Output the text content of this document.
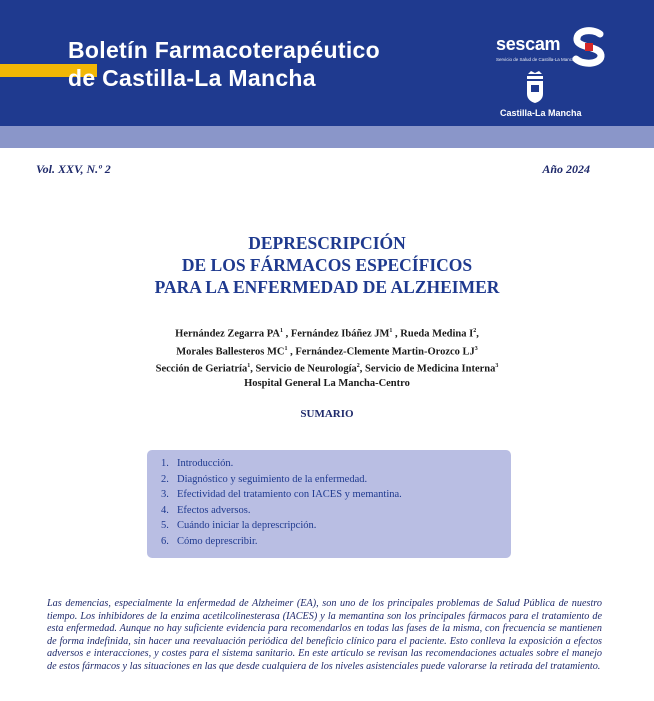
Boletín Farmacoterapéutico
de Castilla-La Mancha
sescam
Servicio de Salud de Castilla-La Mancha
Castilla-La Mancha
Vol. XXV, N.º 2	Año 2024
DEPRESCRIPCIÓN
DE LOS FÁRMACOS ESPECÍFICOS
PARA LA ENFERMEDAD DE ALZHEIMER
Hernández Zegarra $PA^1$ , Fernández Ibáñez $JM^1$ , Rueda Medina $I^2$,
Morales Ballesteros $MC^1$ , Fernández-Clemente Martin-Orozco $LJ^3$
Sección de Geriatría$^1$, Servicio de Neurología$^2$, Servicio de Medicina Interna$^3$
Hospital General La Mancha-Centro
SUMARIO
1. Introducción.
2. Diagnóstico y seguimiento de la enfermedad.
3. Efectividad del tratamiento con IACES y memantina.
4. Efectos adversos.
5. Cuándo iniciar la deprescripción.
6. Cómo deprescribir.
Las demencias, especialmente la enfermedad de Alzheimer (EA), son uno de los principales problemas de Salud Pública de nuestro tiempo. Los inhibidores de la enzima acetilcolinesterasa (IACES) y la memantina son los principales fármacos para el tratamiento de esta enfermedad. Aunque no hay suficiente evidencia para recomendarlos en todas las fases de la misma, con frecuencia se mantienen de forma indefinida, sin hacer una reevaluación periódica del beneficio clínico para el paciente. Esto conlleva la exposición a efectos adversos e interacciones, y costes para el sistema sanitario. En este artículo se revisan las recomendaciones actuales sobre el manejo de estos fármacos y las situaciones en las que desde cualquiera de los niveles asistenciales puede valorarse la retirada del tratamiento.
